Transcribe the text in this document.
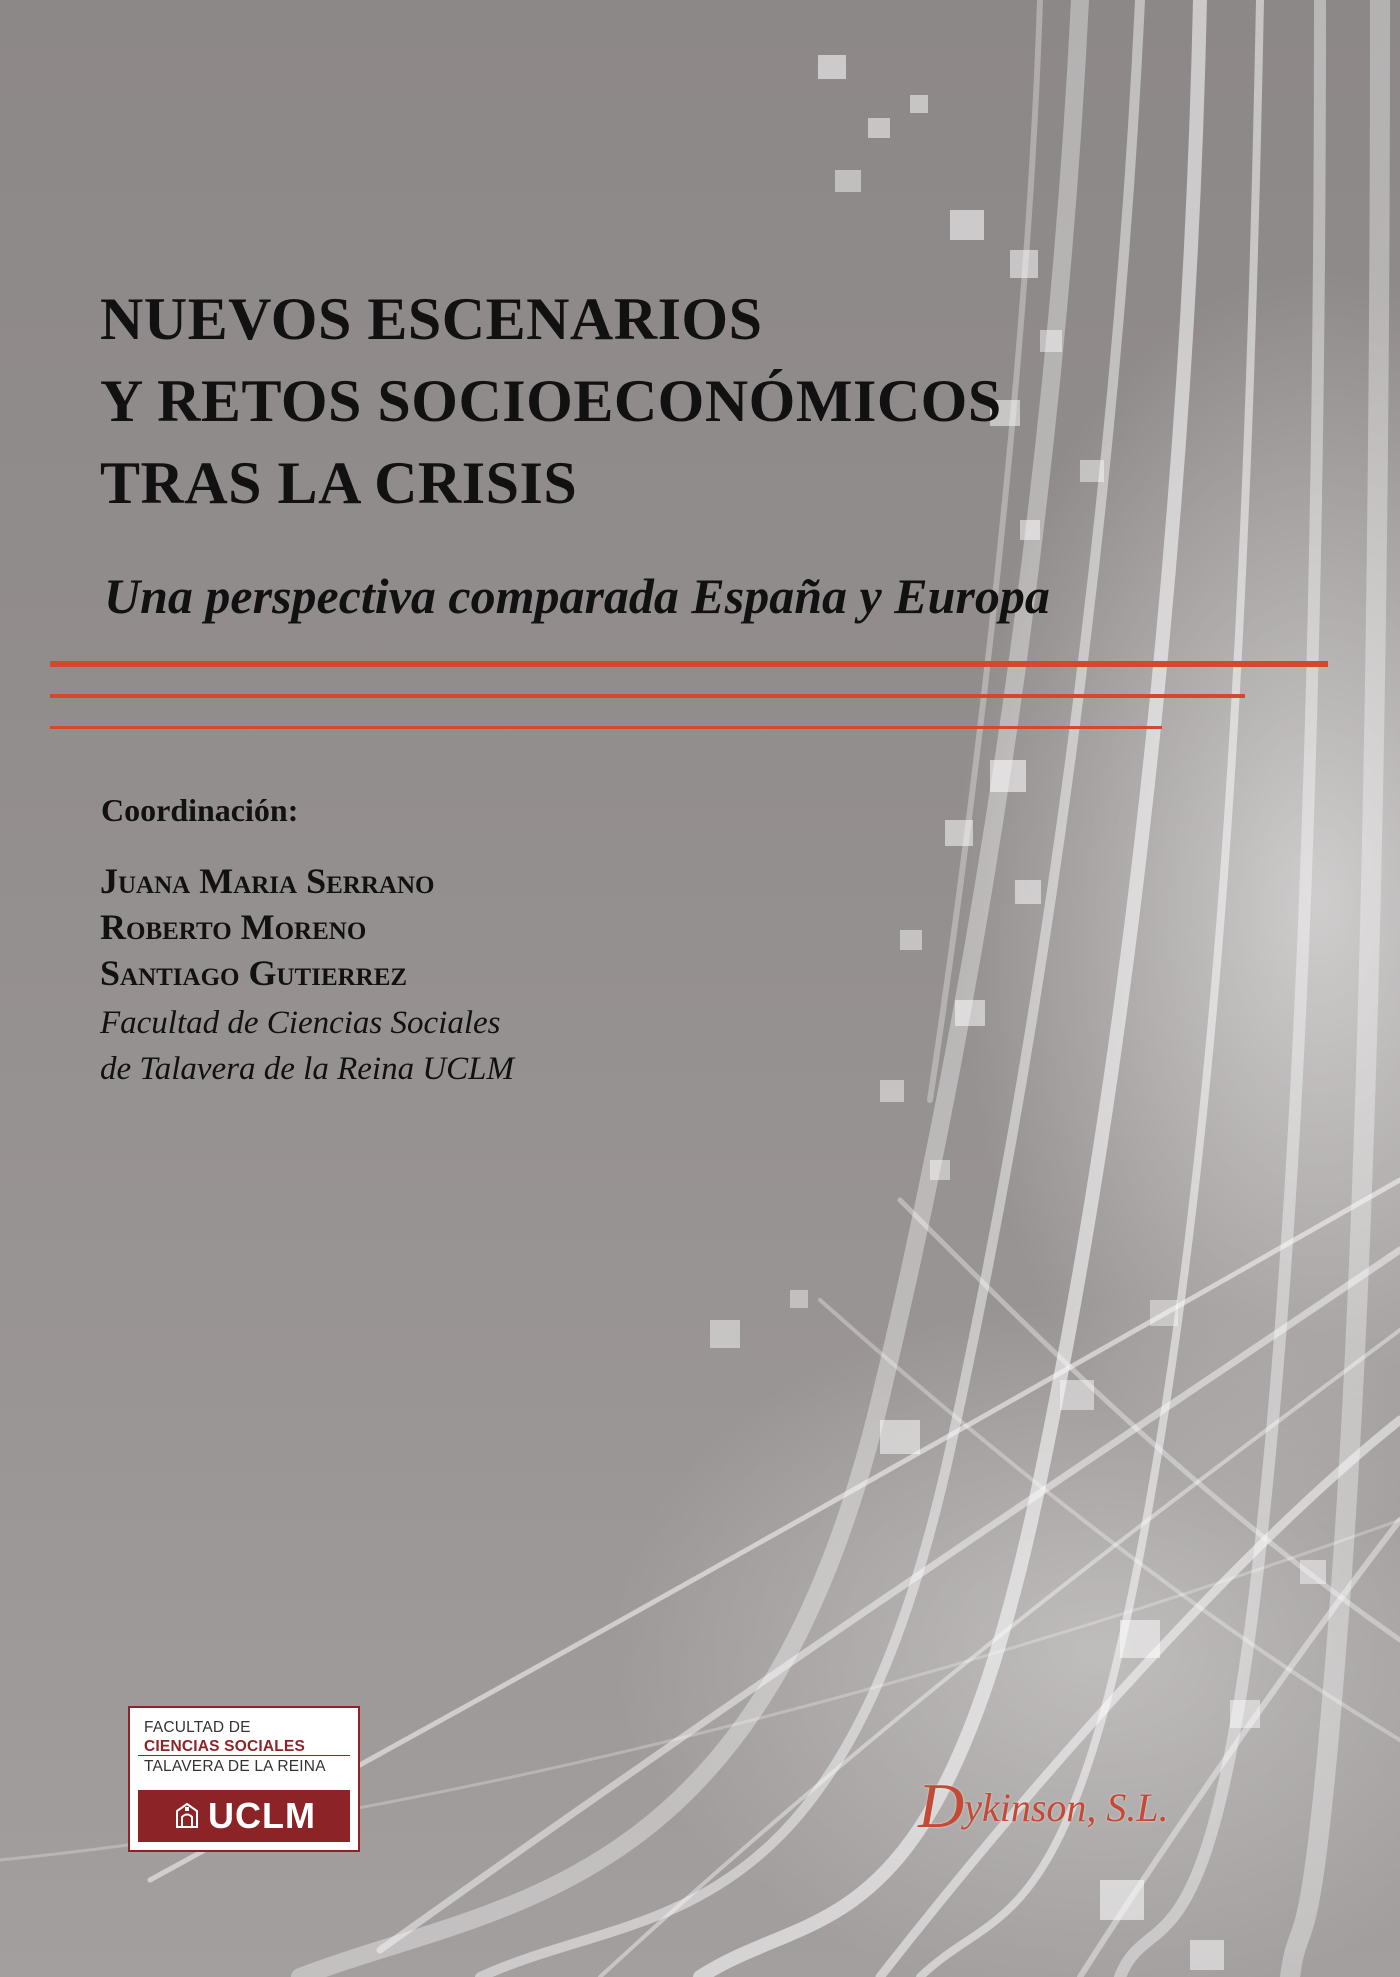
NUEVOS ESCENARIOS
Y RETOS SOCIOECONÓMICOS
TRAS LA CRISIS
Una perspectiva comparada España y Europa
Coordinación:
Juana Maria Serrano
Roberto Moreno
Santiago Gutierrez
Facultad de Ciencias Sociales
de Talavera de la Reina UCLM
FACULTAD DE
CIENCIAS SOCIALES
TALAVERA DE LA REINA
UCLM	Dykinson, S.L.
